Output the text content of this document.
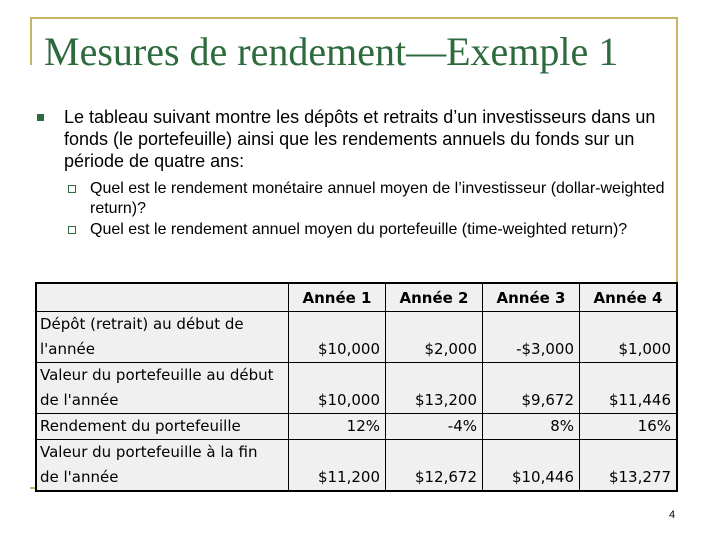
Mesures de rendement—Exemple 1
Le tableau suivant montre les dépôts et retraits d’un investisseurs dans un fonds (le portefeuille) ainsi que les rendements annuels du fonds sur un période de quatre ans:
Quel est le rendement monétaire annuel moyen de l’investisseur (dollar-weighted return)?
Quel est le rendement annuel moyen du portefeuille (time-weighted return)?
	Année 1	Année 2	Année 3	Année 4
Dépôt (retrait) au début de
l'année	$10,000	$2,000	-$3,000	$1,000
Valeur du portefeuille au début
de l'année	$10,000	$13,200	$9,672	$11,446
Rendement du portefeuille	12%	-4%	8%	16%
Valeur du portefeuille à la fin
de l'année	$11,200	$12,672	$10,446	$13,277
4
